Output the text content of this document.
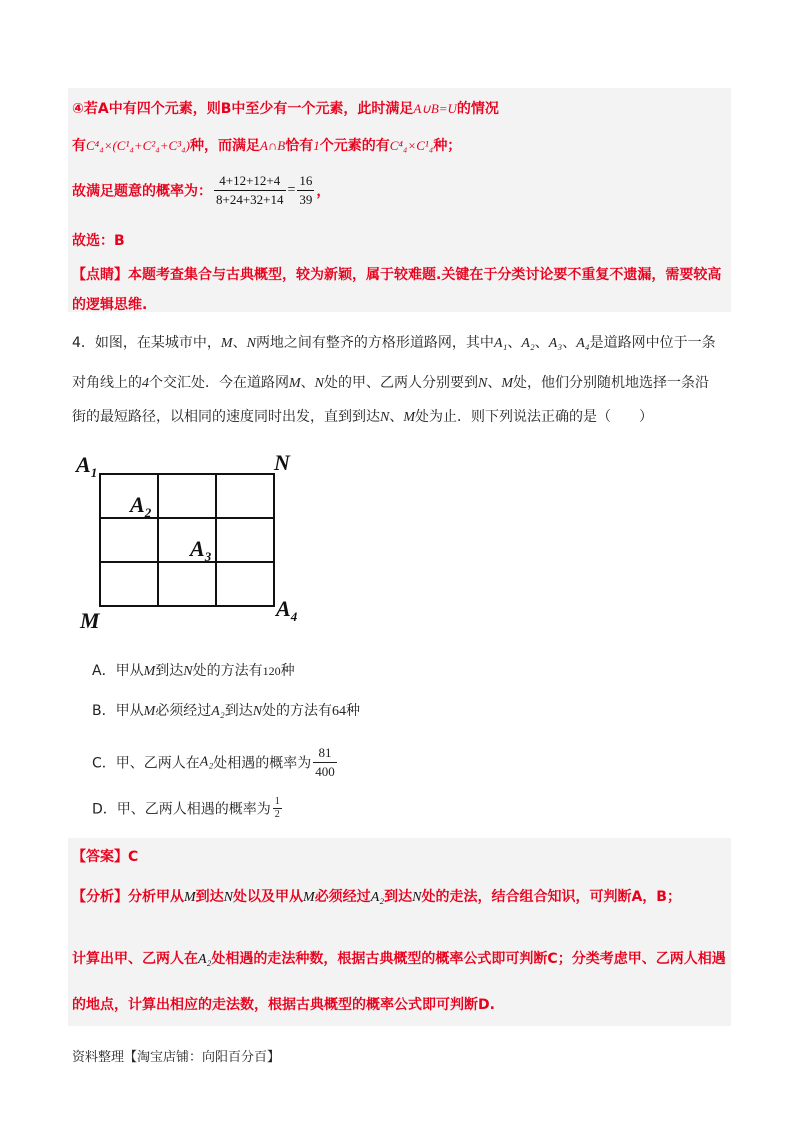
④若A中有四个元素，则B中至少有一个元素，此时满足A∪B=U的情况
有C⁴₄×(C¹₄+C²₄+C³₄)种，而满足A∩B恰有1个元素的有C⁴₄×C¹₄种；
故满足题意的概率为： $\frac{4+12+12+4}{8+24+32+14} = \frac{16}{39}$ ，
故选：B
【点睛】本题考查集合与古典概型，较为新颖，属于较难题.关键在于分类讨论要不重复不遗漏，需要较高
的逻辑思维.
4．如图，在某城市中，M、N两地之间有整齐的方格形道路网，其中A₁、A₂、A₃、A₄是道路网中位于一条
对角线上的4个交汇处．今在道路网M、N处的甲、乙两人分别要到N、M处，他们分别随机地选择一条沿
街的最短路径，以相同的速度同时出发，直到到达N、M处为止．则下列说法正确的是（　　）
$A_1$	N
$A_2$
$A_3$
M	$A_4$
A．甲从M到达N处的方法有120种
B．甲从M必须经过A₂到达N处的方法有64种
C．甲、乙两人在A₂处相遇的概率为 $\frac{81}{400}$
D．甲、乙两人相遇的概率为 $\frac{1}{2}$
【答案】C
【分析】分析甲从M到达N处以及甲从M必须经过A₂到达N处的走法，结合组合知识，可判断A，B；
计算出甲、乙两人在A₂处相遇的走法种数，根据古典概型的概率公式即可判断C；分类考虑甲、乙两人相遇
的地点，计算出相应的走法数，根据古典概型的概率公式即可判断D.
资料整理【淘宝店铺：向阳百分百】
